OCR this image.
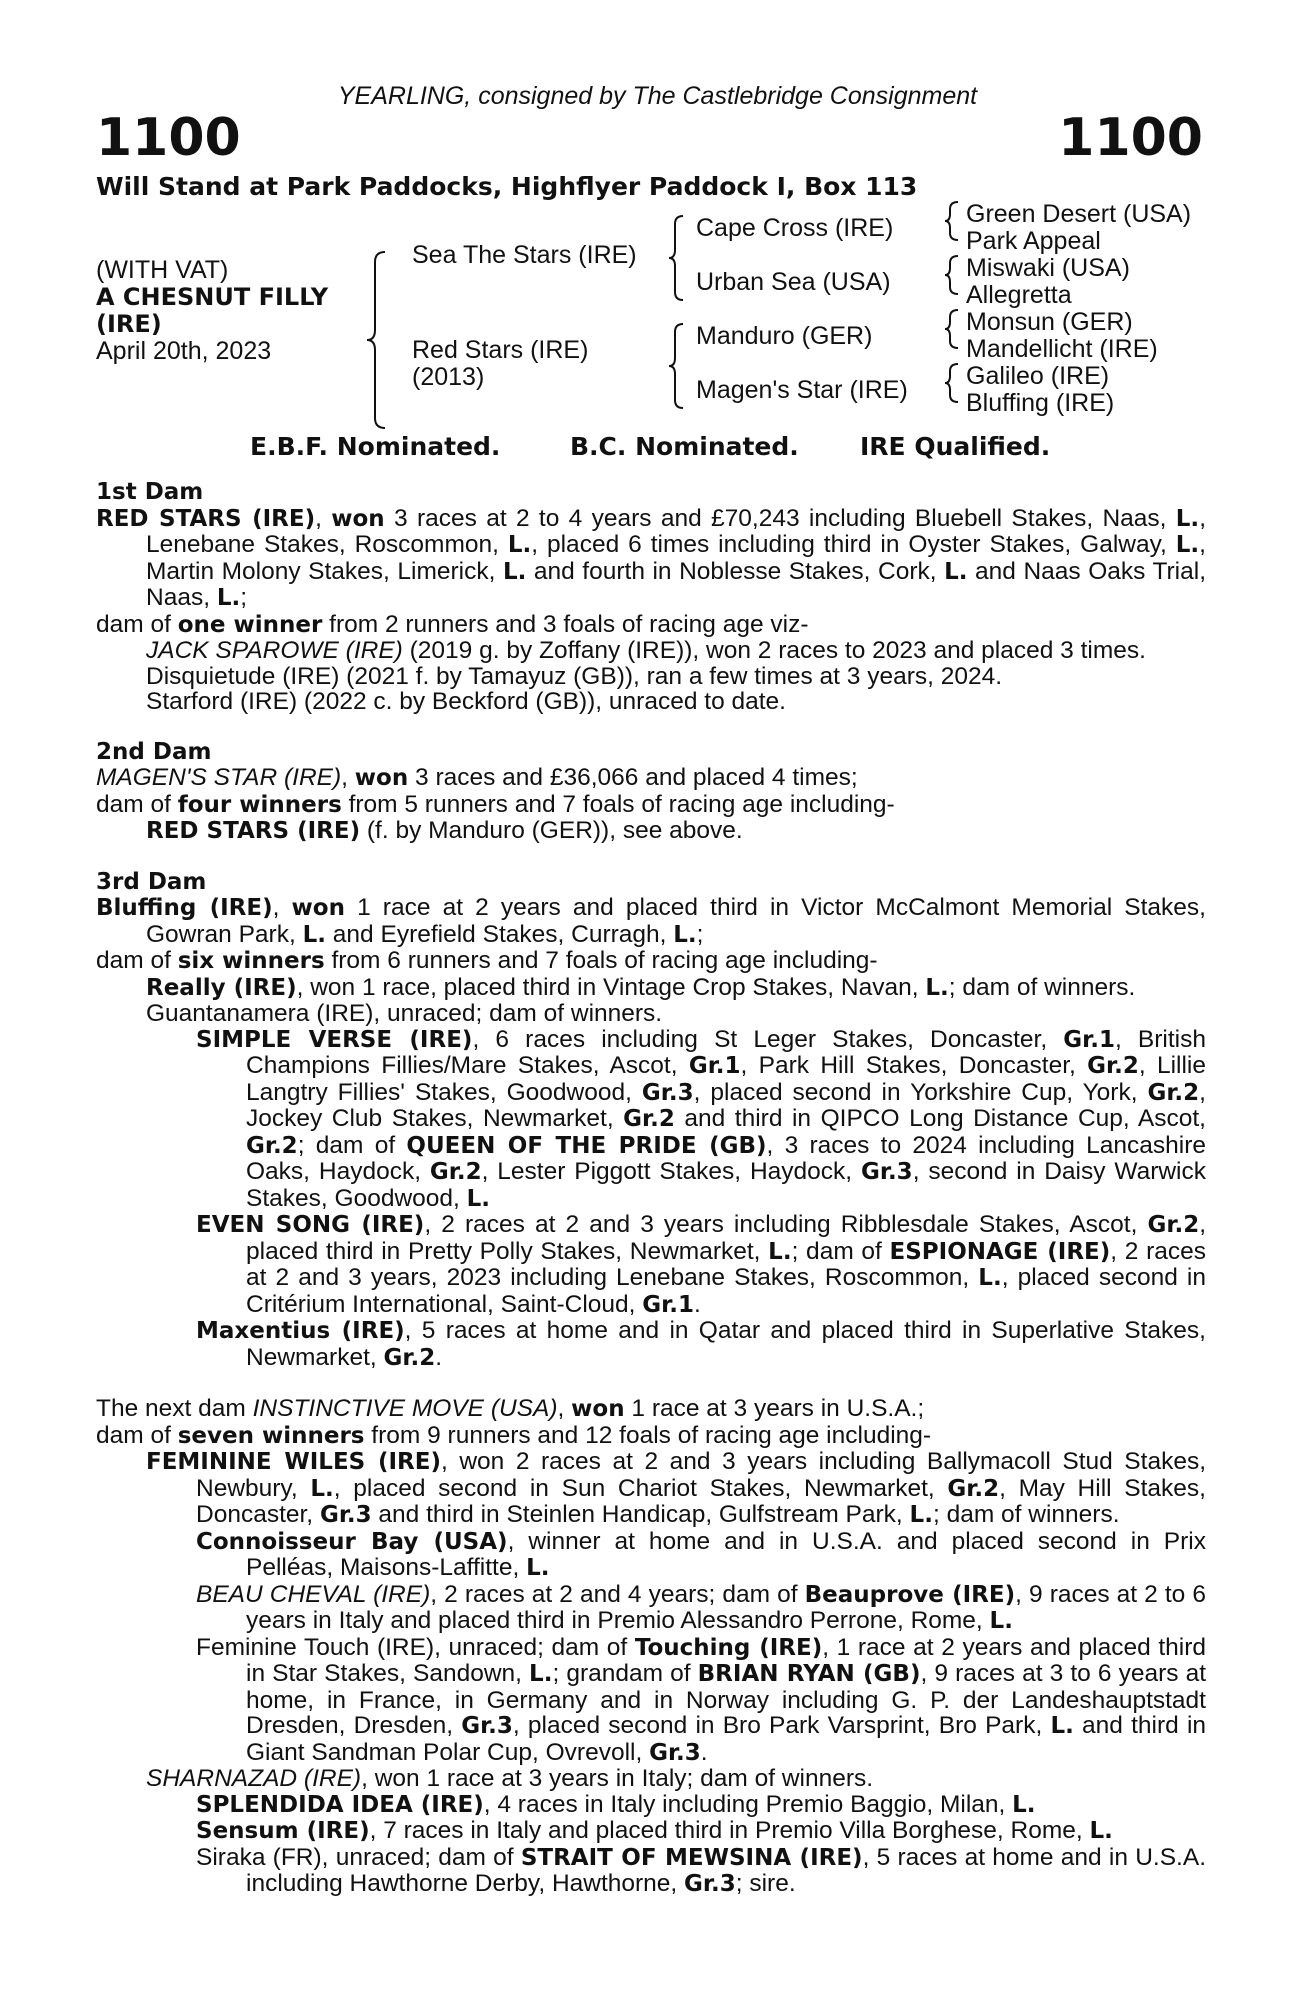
YEARLING, consigned by The Castlebridge Consignment
1100	1100
Will Stand at Park Paddocks, Highflyer Paddock I, Box 113
(WITH VAT)
A CHESNUT FILLY
(IRE)
April 20th, 2023
Sea The Stars (IRE)
Red Stars (IRE)
(2013)
Cape Cross (IRE)
Urban Sea (USA)
Manduro (GER)
Magen's Star (IRE)
Green Desert (USA)
Park Appeal
Miswaki (USA)
Allegretta
Monsun (GER)
Mandellicht (IRE)
Galileo (IRE)
Bluffing (IRE)
E.B.F. Nominated.	B.C. Nominated. IRE Qualified.
1st Dam
RED STARS (IRE), won 3 races at 2 to 4 years and £70,243 including Bluebell Stakes, Naas, L., Lenebane Stakes, Roscommon, L., placed 6 times including third in Oyster Stakes, Galway, L., Martin Molony Stakes, Limerick, L. and fourth in Noblesse Stakes, Cork, L. and Naas Oaks Trial, Naas, L.;
dam of one winner from 2 runners and 3 foals of racing age viz-
JACK SPAROWE (IRE) (2019 g. by Zoffany (IRE)), won 2 races to 2023 and placed 3 times.
Disquietude (IRE) (2021 f. by Tamayuz (GB)), ran a few times at 3 years, 2024.
Starford (IRE) (2022 c. by Beckford (GB)), unraced to date.
2nd Dam
MAGEN'S STAR (IRE), won 3 races and £36,066 and placed 4 times;
dam of four winners from 5 runners and 7 foals of racing age including-
RED STARS (IRE) (f. by Manduro (GER)), see above.
3rd Dam
Bluffing (IRE), won 1 race at 2 years and placed third in Victor McCalmont Memorial Stakes, Gowran Park, L. and Eyrefield Stakes, Curragh, L.;
dam of six winners from 6 runners and 7 foals of racing age including-
Really (IRE), won 1 race, placed third in Vintage Crop Stakes, Navan, L.; dam of winners.
Guantanamera (IRE), unraced; dam of winners.
SIMPLE VERSE (IRE), 6 races including St Leger Stakes, Doncaster, Gr.1, British Champions Fillies/Mare Stakes, Ascot, Gr.1, Park Hill Stakes, Doncaster, Gr.2, Lillie Langtry Fillies' Stakes, Goodwood, Gr.3, placed second in Yorkshire Cup, York, Gr.2, Jockey Club Stakes, Newmarket, Gr.2 and third in QIPCO Long Distance Cup, Ascot, Gr.2; dam of QUEEN OF THE PRIDE (GB), 3 races to 2024 including Lancashire Oaks, Haydock, Gr.2, Lester Piggott Stakes, Haydock, Gr.3, second in Daisy Warwick Stakes, Goodwood, L.
EVEN SONG (IRE), 2 races at 2 and 3 years including Ribblesdale Stakes, Ascot, Gr.2, placed third in Pretty Polly Stakes, Newmarket, L.; dam of ESPIONAGE (IRE), 2 races at 2 and 3 years, 2023 including Lenebane Stakes, Roscommon, L., placed second in Critérium International, Saint-Cloud, Gr.1.
Maxentius (IRE), 5 races at home and in Qatar and placed third in Superlative Stakes, Newmarket, Gr.2.
The next dam INSTINCTIVE MOVE (USA), won 1 race at 3 years in U.S.A.;
dam of seven winners from 9 runners and 12 foals of racing age including-
FEMININE WILES (IRE), won 2 races at 2 and 3 years including Ballymacoll Stud Stakes, Newbury, L., placed second in Sun Chariot Stakes, Newmarket, Gr.2, May Hill Stakes, Doncaster, Gr.3 and third in Steinlen Handicap, Gulfstream Park, L.; dam of winners.
Connoisseur Bay (USA), winner at home and in U.S.A. and placed second in Prix Pelléas, Maisons-Laffitte, L.
BEAU CHEVAL (IRE), 2 races at 2 and 4 years; dam of Beauprove (IRE), 9 races at 2 to 6 years in Italy and placed third in Premio Alessandro Perrone, Rome, L.
Feminine Touch (IRE), unraced; dam of Touching (IRE), 1 race at 2 years and placed third in Star Stakes, Sandown, L.; grandam of BRIAN RYAN (GB), 9 races at 3 to 6 years at home, in France, in Germany and in Norway including G. P. der Landeshauptstadt Dresden, Dresden, Gr.3, placed second in Bro Park Varsprint, Bro Park, L. and third in Giant Sandman Polar Cup, Ovrevoll, Gr.3.
SHARNAZAD (IRE), won 1 race at 3 years in Italy; dam of winners.
SPLENDIDA IDEA (IRE), 4 races in Italy including Premio Baggio, Milan, L.
Sensum (IRE), 7 races in Italy and placed third in Premio Villa Borghese, Rome, L.
Siraka (FR), unraced; dam of STRAIT OF MEWSINA (IRE), 5 races at home and in U.S.A. including Hawthorne Derby, Hawthorne, Gr.3; sire.
